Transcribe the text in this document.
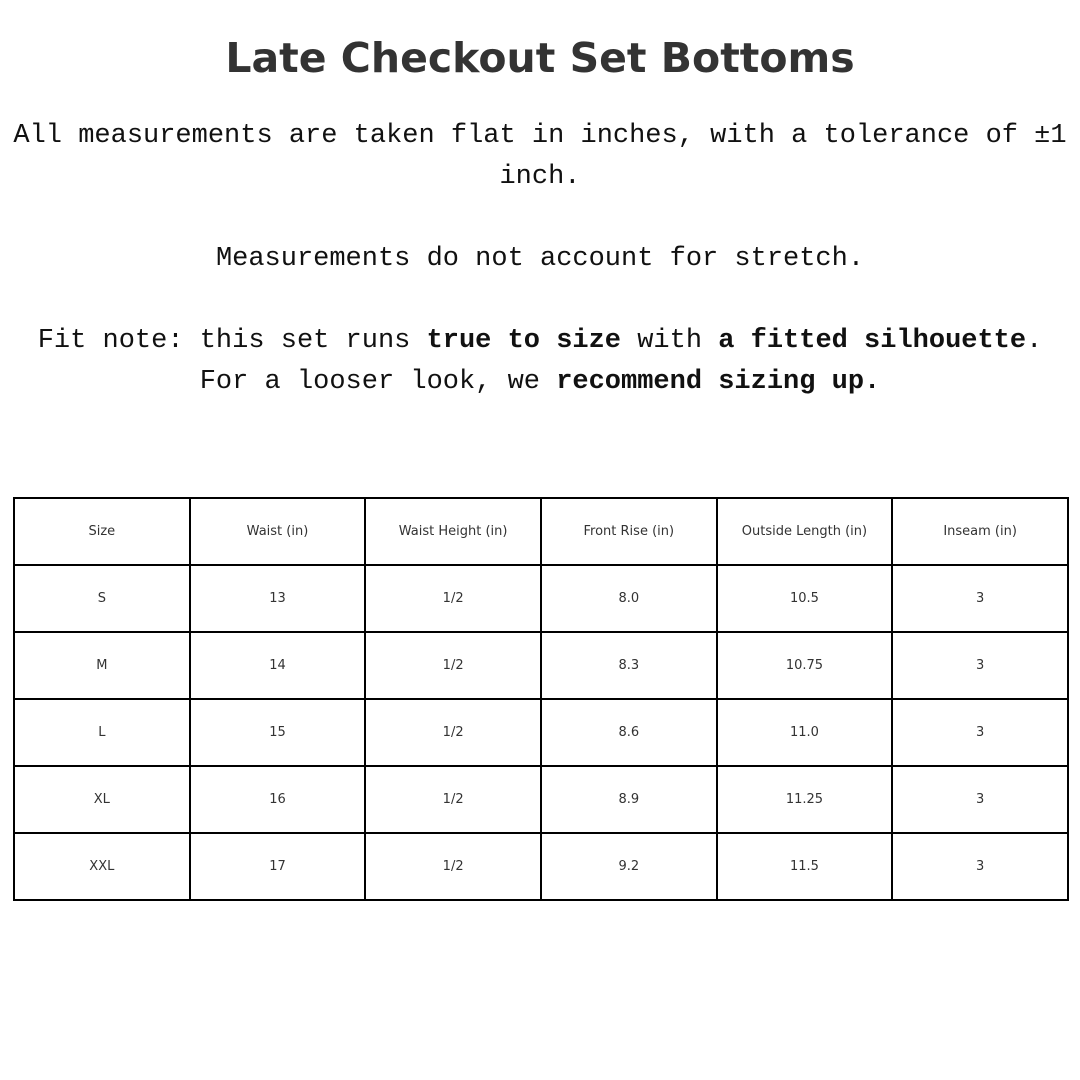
Late Checkout Set Bottoms

All measurements are taken flat in inches, with a tolerance of ±1 inch.

Measurements do not account for stretch.

Fit note: this set runs true to size with a fitted silhouette. For a looser look, we recommend sizing up.

Size	Waist (in)	Waist Height (in)	Front Rise (in)	Outside Length (in)	Inseam (in)
S	13	1/2	8.0	10.5	3
M	14	1/2	8.3	10.75	3
L	15	1/2	8.6	11.0	3
XL	16	1/2	8.9	11.25	3
XXL	17	1/2	9.2	11.5	3
